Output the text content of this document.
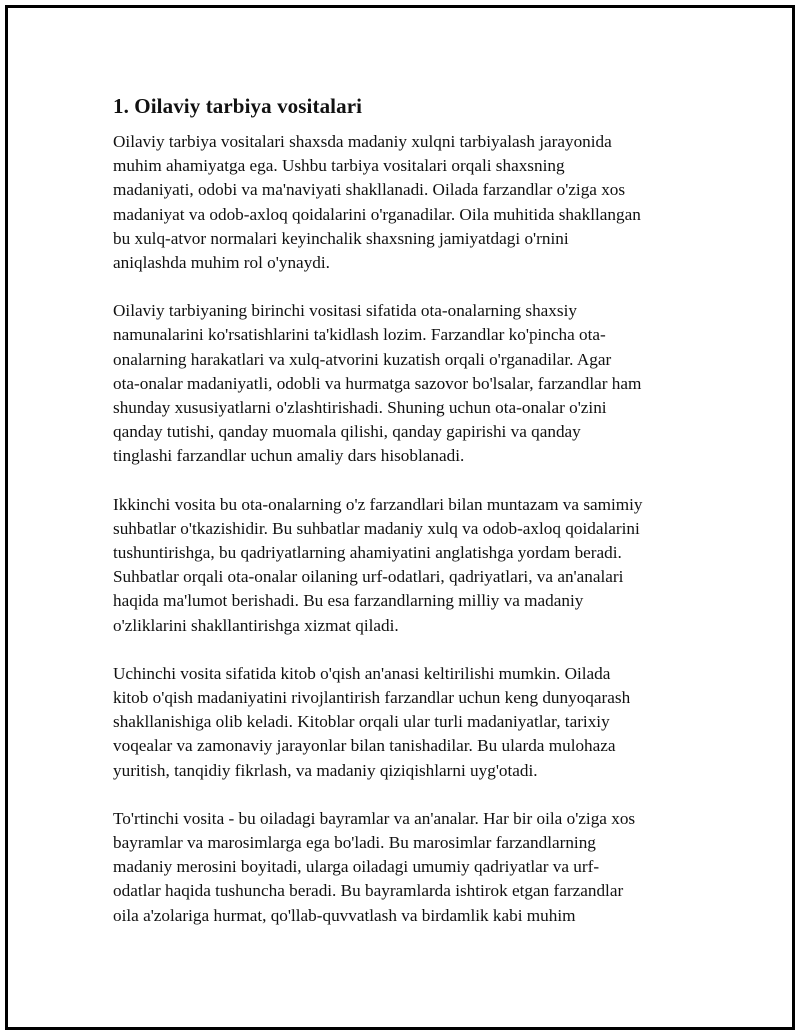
1. Oilaviy tarbiya vositalari

Oilaviy tarbiya vositalari shaxsda madaniy xulqni tarbiyalash jarayonida
muhim ahamiyatga ega. Ushbu tarbiya vositalari orqali shaxsning
madaniyati, odobi va ma'naviyati shakllanadi. Oilada farzandlar o'ziga xos
madaniyat va odob-axloq qoidalarini o'rganadilar. Oila muhitida shakllangan
bu xulq-atvor normalari keyinchalik shaxsning jamiyatdagi o'rnini
aniqlashda muhim rol o'ynaydi.

Oilaviy tarbiyaning birinchi vositasi sifatida ota-onalarning shaxsiy
namunalarini ko'rsatishlarini ta'kidlash lozim. Farzandlar ko'pincha ota-
onalarning harakatlari va xulq-atvorini kuzatish orqali o'rganadilar. Agar
ota-onalar madaniyatli, odobli va hurmatga sazovor bo'lsalar, farzandlar ham
shunday xususiyatlarni o'zlashtirishadi. Shuning uchun ota-onalar o'zini
qanday tutishi, qanday muomala qilishi, qanday gapirishi va qanday
tinglashi farzandlar uchun amaliy dars hisoblanadi.

Ikkinchi vosita bu ota-onalarning o'z farzandlari bilan muntazam va samimiy
suhbatlar o'tkazishidir. Bu suhbatlar madaniy xulq va odob-axloq qoidalarini
tushuntirishga, bu qadriyatlarning ahamiyatini anglatishga yordam beradi.
Suhbatlar orqali ota-onalar oilaning urf-odatlari, qadriyatlari, va an'analari
haqida ma'lumot berishadi. Bu esa farzandlarning milliy va madaniy
o'zliklarini shakllantirishga xizmat qiladi.

Uchinchi vosita sifatida kitob o'qish an'anasi keltirilishi mumkin. Oilada
kitob o'qish madaniyatini rivojlantirish farzandlar uchun keng dunyoqarash
shakllanishiga olib keladi. Kitoblar orqali ular turli madaniyatlar, tarixiy
voqealar va zamonaviy jarayonlar bilan tanishadilar. Bu ularda mulohaza
yuritish, tanqidiy fikrlash, va madaniy qiziqishlarni uyg'otadi.

To'rtinchi vosita - bu oiladagi bayramlar va an'analar. Har bir oila o'ziga xos
bayramlar va marosimlarga ega bo'ladi. Bu marosimlar farzandlarning
madaniy merosini boyitadi, ularga oiladagi umumiy qadriyatlar va urf-
odatlar haqida tushuncha beradi. Bu bayramlarda ishtirok etgan farzandlar
oila a'zolariga hurmat, qo'llab-quvvatlash va birdamlik kabi muhim
